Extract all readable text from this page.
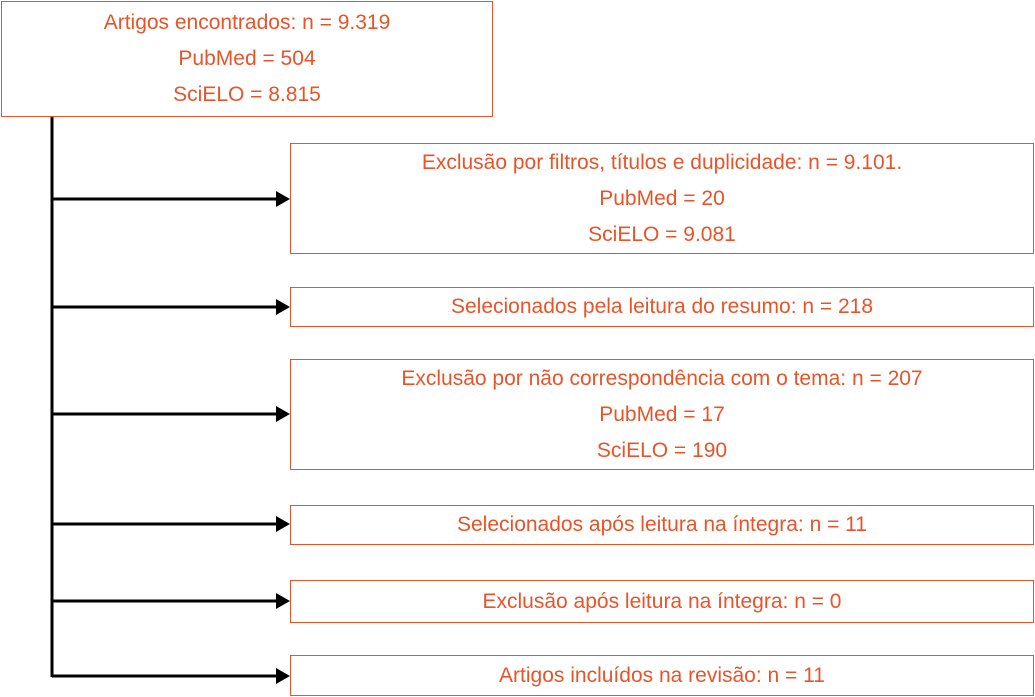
Artigos encontrados: n = 9.319
PubMed = 504
SciELO = 8.815
Exclusão por filtros, títulos e duplicidade: n = 9.101.
PubMed = 20
SciELO = 9.081
Selecionados pela leitura do resumo: n = 218
Exclusão por não correspondência com o tema: n = 207
PubMed = 17
SciELO = 190
Selecionados após leitura na íntegra: n = 11
Exclusão após leitura na íntegra: n = 0
Artigos incluídos na revisão: n = 11
